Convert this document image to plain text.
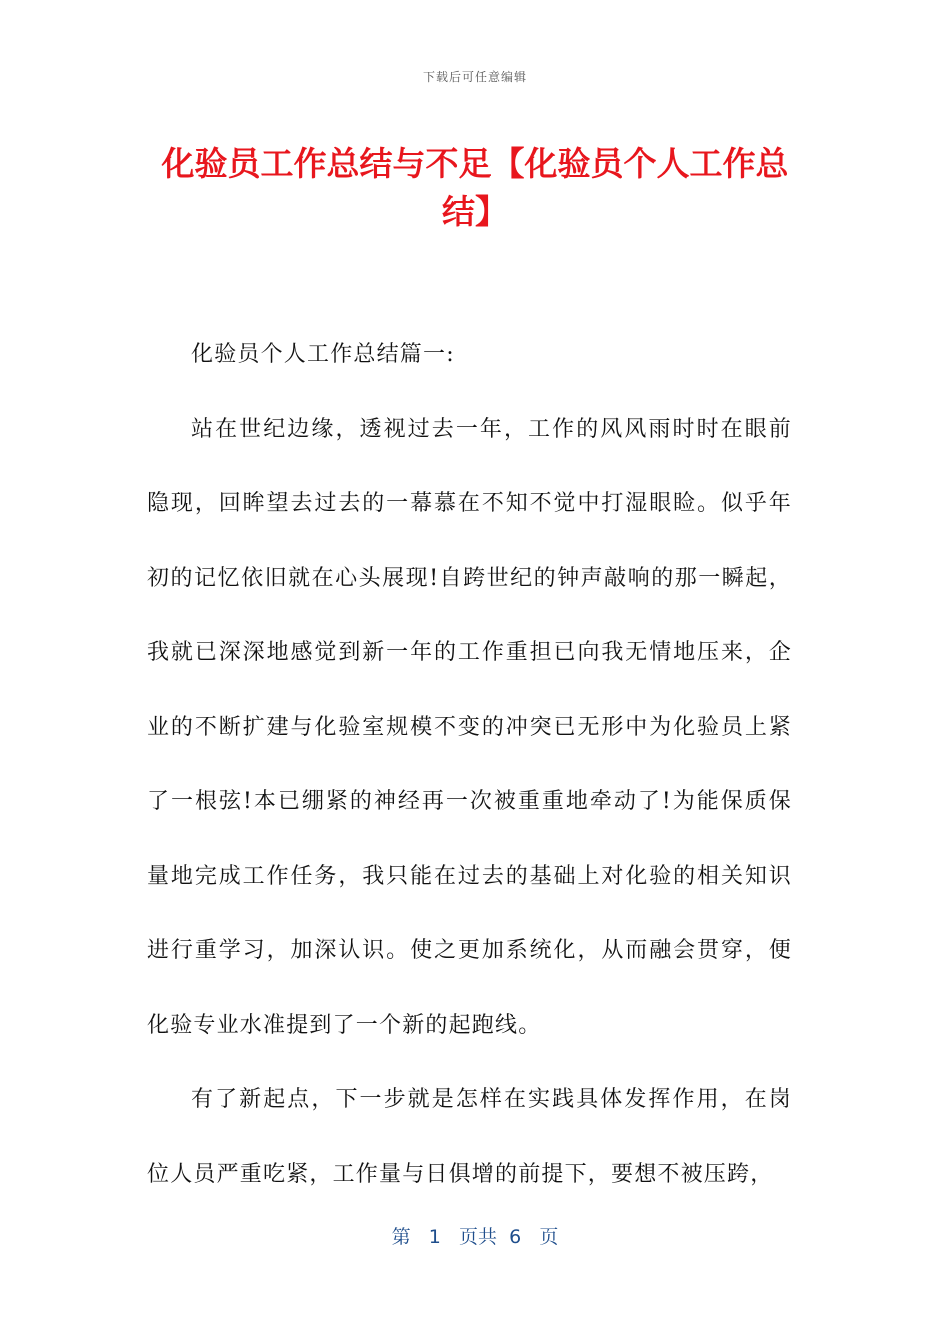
下载后可任意编辑
化验员工作总结与不足【化验员个人工作总结】

化验员个人工作总结篇一:

站在世纪边缘，透视过去一年，工作的风风雨时时在眼前隐现，回眸望去过去的一幕慕在不知不觉中打湿眼睑。似乎年初的记忆依旧就在心头展现!自跨世纪的钟声敲响的那一瞬起，我就已深深地感觉到新一年的工作重担已向我无情地压来，企业的不断扩建与化验室规模不变的冲突已无形中为化验员上紧了一根弦!本已绷紧的神经再一次被重重地牵动了!为能保质保量地完成工作任务，我只能在过去的基础上对化验的相关知识进行重学习，加深认识。使之更加系统化，从而融会贯穿，便化验专业水准提到了一个新的起跑线。

有了新起点，下一步就是怎样在实践具体发挥作用，在岗位人员严重吃紧，工作量与日俱增的前提下，要想不被压跨，

第 1 页共 6 页
